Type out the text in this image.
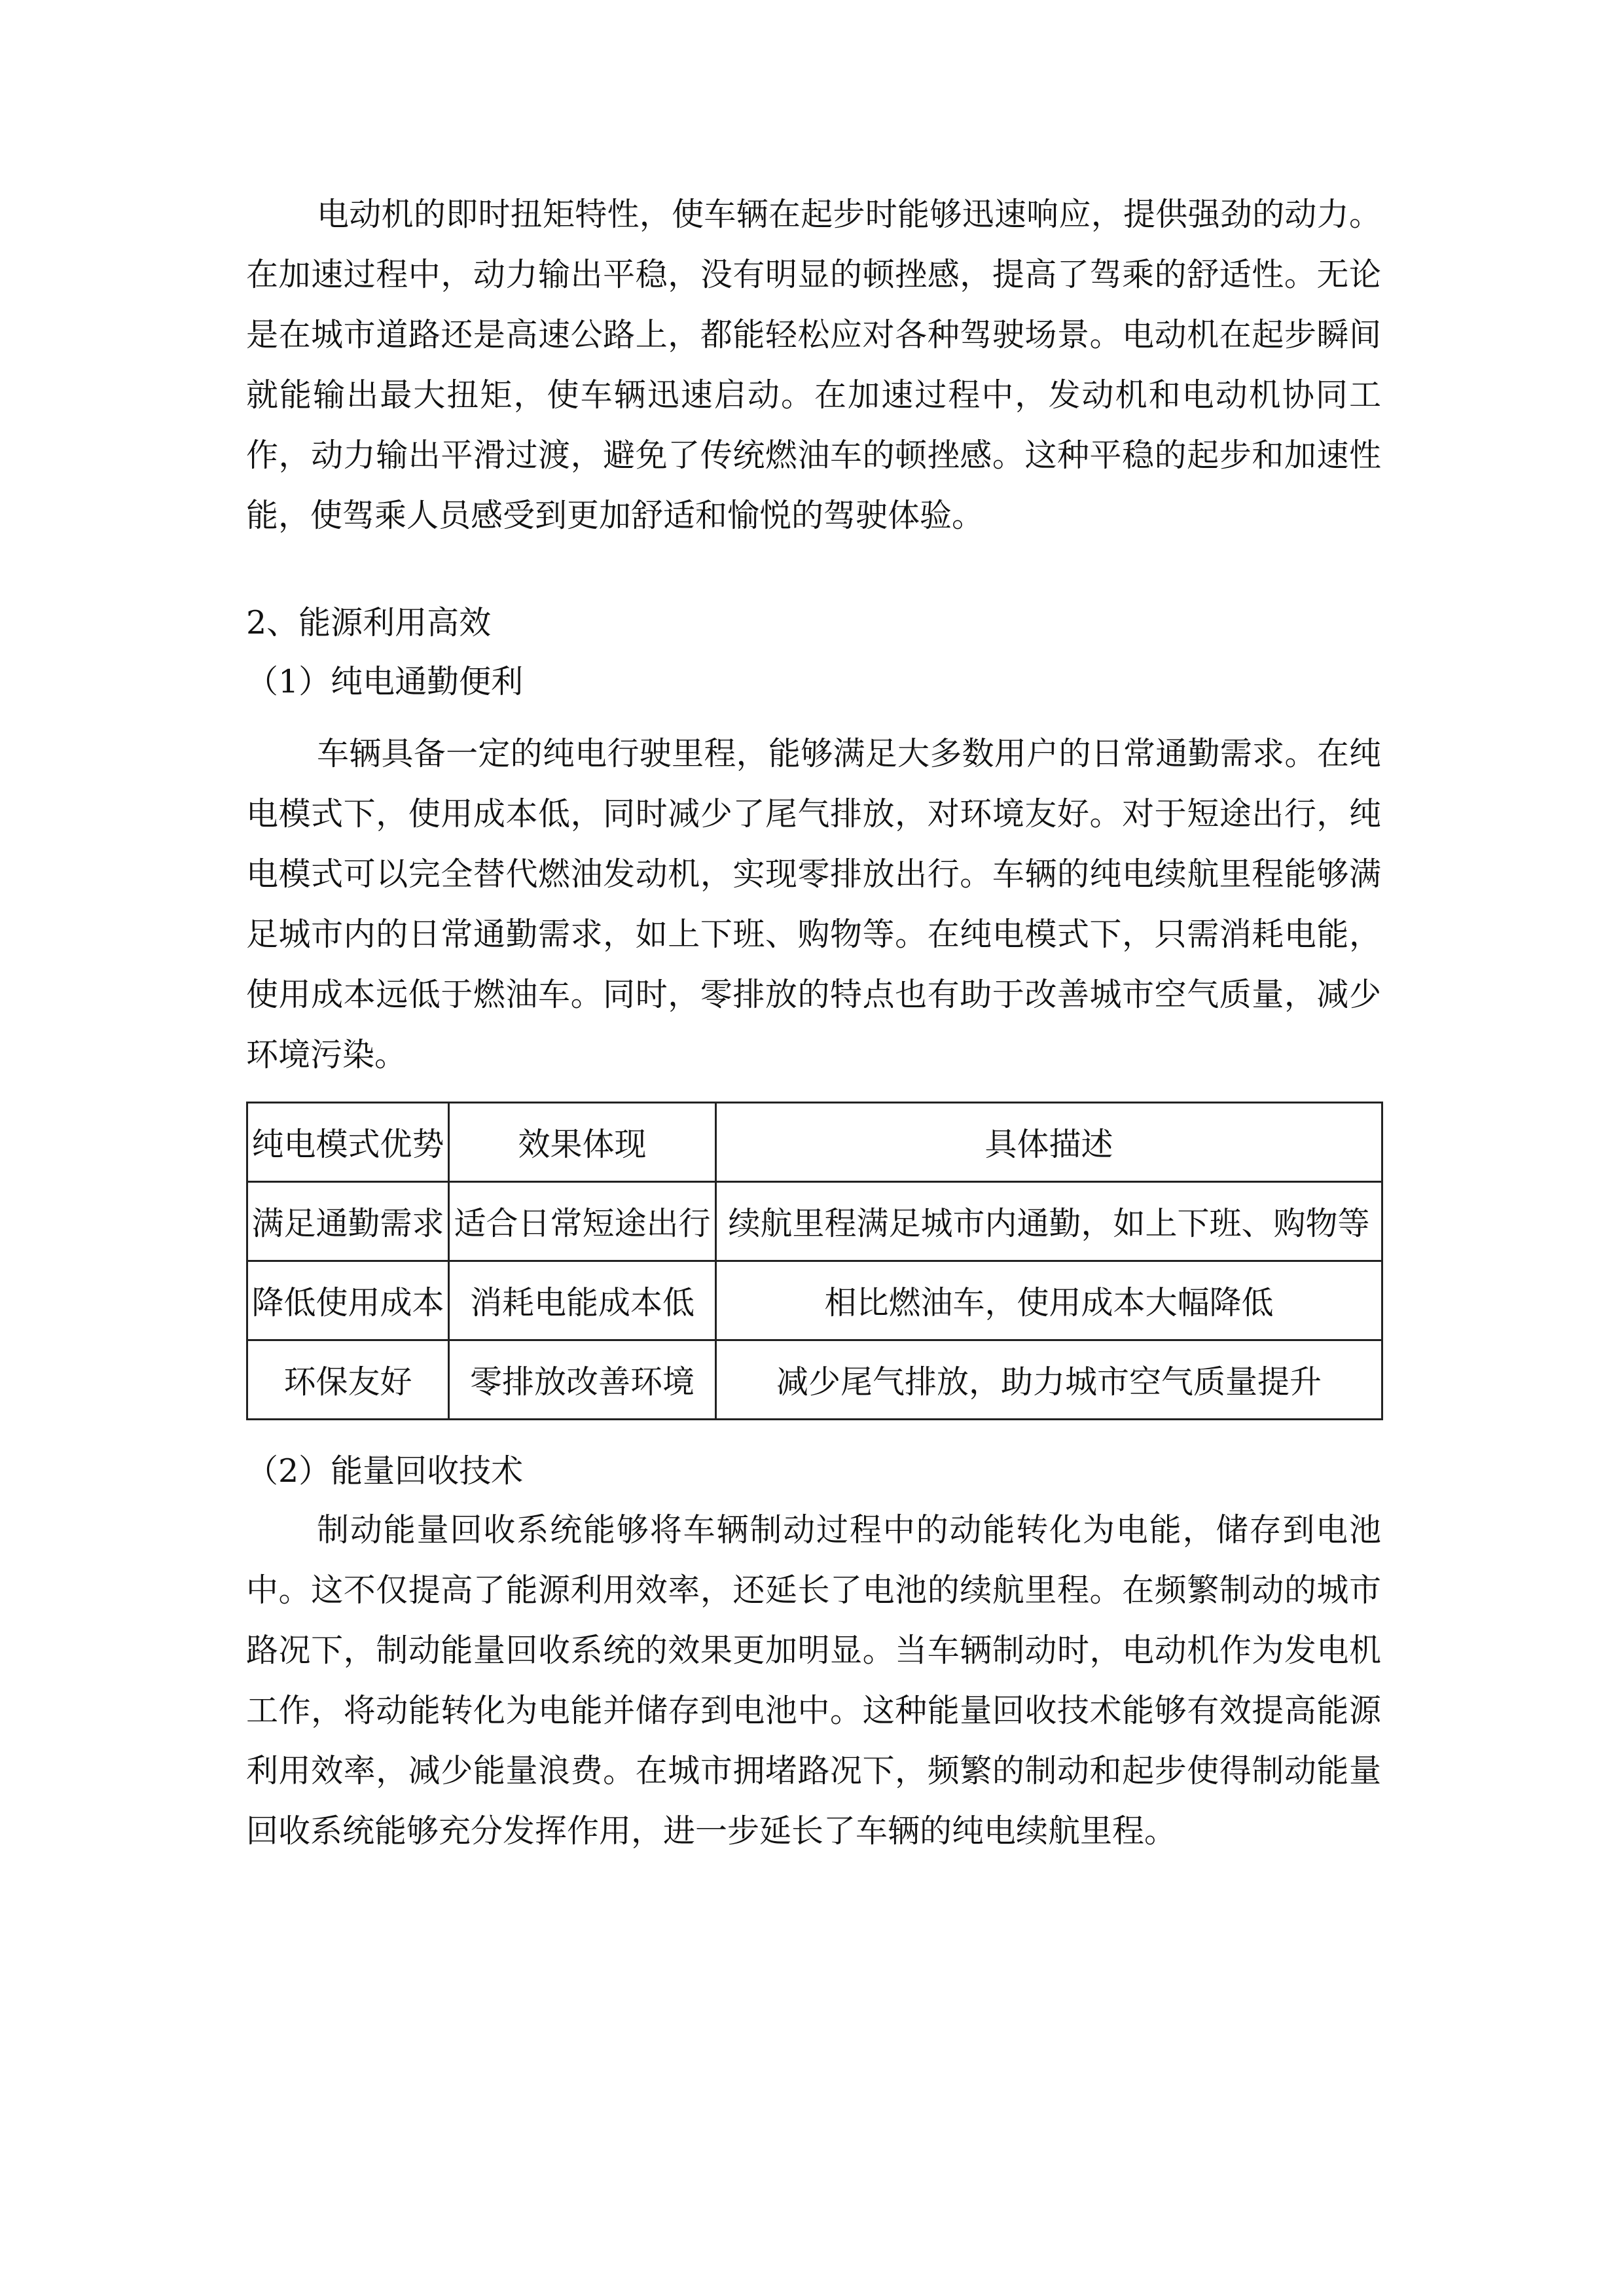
电动机的即时扭矩特性，使车辆在起步时能够迅速响应，提供强劲的动力。在加速过程中，动力输出平稳，没有明显的顿挫感，提高了驾乘的舒适性。无论是在城市道路还是高速公路上，都能轻松应对各种驾驶场景。电动机在起步瞬间就能输出最大扭矩，使车辆迅速启动。在加速过程中，发动机和电动机协同工作，动力输出平滑过渡，避免了传统燃油车的顿挫感。这种平稳的起步和加速性能，使驾乘人员感受到更加舒适和愉悦的驾驶体验。

2、能源利用高效

（1）纯电通勤便利

车辆具备一定的纯电行驶里程，能够满足大多数用户的日常通勤需求。在纯电模式下，使用成本低，同时减少了尾气排放，对环境友好。对于短途出行，纯电模式可以完全替代燃油发动机，实现零排放出行。车辆的纯电续航里程能够满足城市内的日常通勤需求，如上下班、购物等。在纯电模式下，只需消耗电能，使用成本远低于燃油车。同时，零排放的特点也有助于改善城市空气质量，减少环境污染。

纯电模式优势	效果体现	具体描述
满足通勤需求	适合日常短途出行	续航里程满足城市内通勤，如上下班、购物等
降低使用成本	消耗电能成本低	相比燃油车，使用成本大幅降低
环保友好	零排放改善环境	减少尾气排放，助力城市空气质量提升

（2）能量回收技术

制动能量回收系统能够将车辆制动过程中的动能转化为电能，储存到电池中。这不仅提高了能源利用效率，还延长了电池的续航里程。在频繁制动的城市路况下，制动能量回收系统的效果更加明显。当车辆制动时，电动机作为发电机工作，将动能转化为电能并储存到电池中。这种能量回收技术能够有效提高能源利用效率，减少能量浪费。在城市拥堵路况下，频繁的制动和起步使得制动能量回收系统能够充分发挥作用，进一步延长了车辆的纯电续航里程。
